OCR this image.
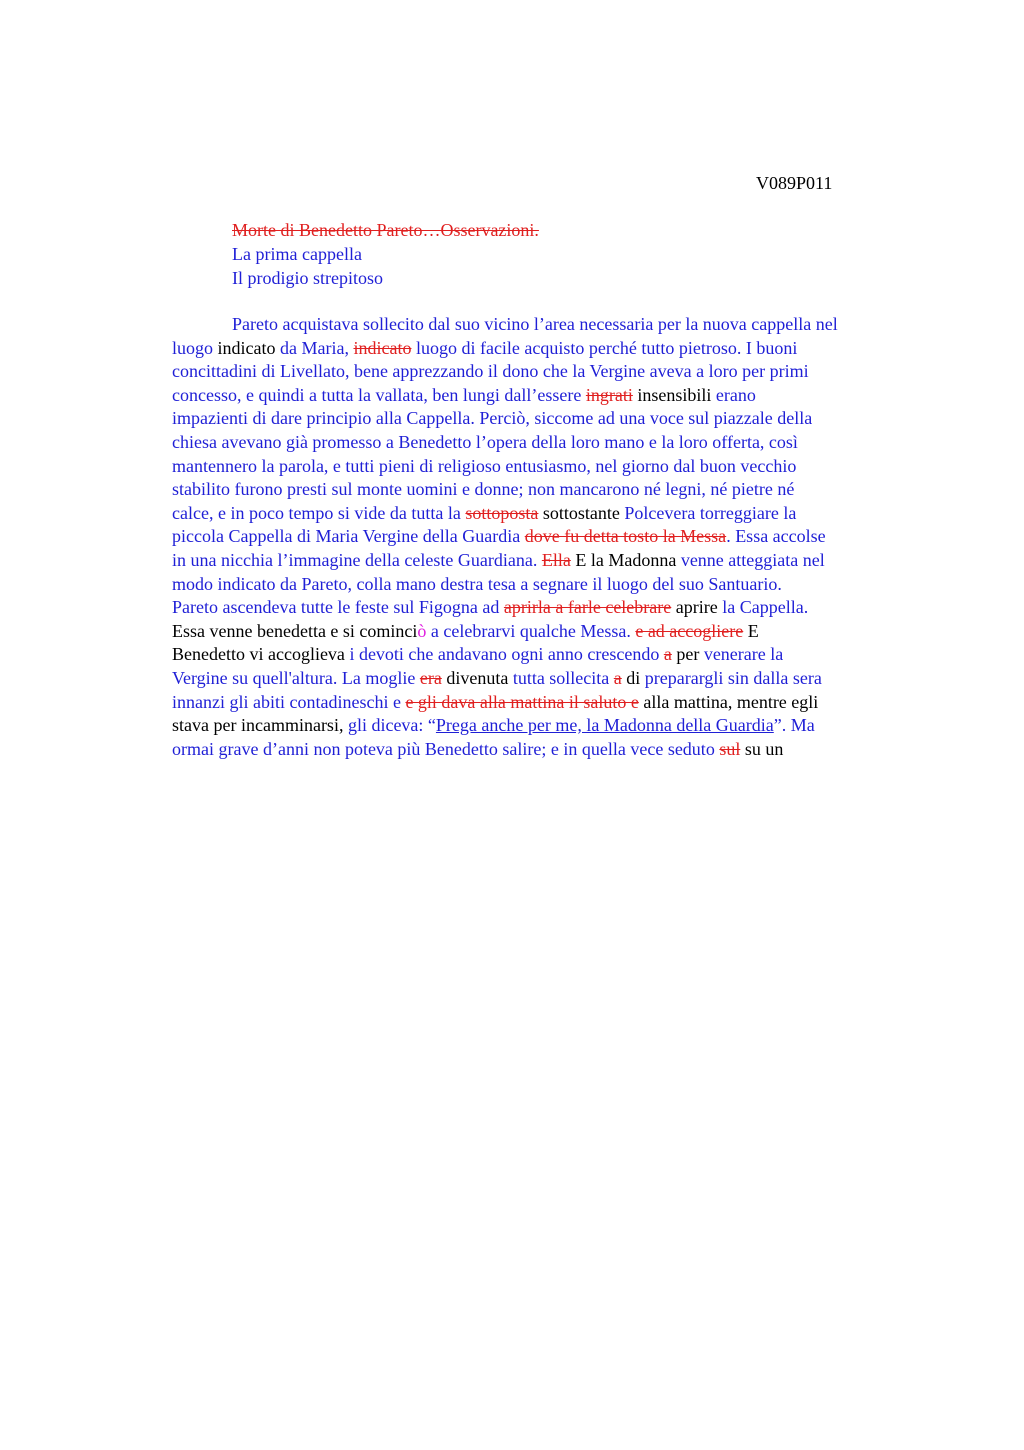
V089P011
Morte di Benedetto Pareto…Osservazioni.
La prima cappella
Il prodigio strepitoso
Pareto acquistava sollecito dal suo vicino l’area necessaria per la nuova cappella nel
luogo indicato da Maria, indicato luogo di facile acquisto perché tutto pietroso. I buoni
concittadini di Livellato, bene apprezzando il dono che la Vergine aveva a loro per primi
concesso, e quindi a tutta la vallata, ben lungi dall’essere ingrati insensibili erano
impazienti di dare principio alla Cappella. Perciò, siccome ad una voce sul piazzale della
chiesa avevano già promesso a Benedetto l’opera della loro mano e la loro offerta, così
mantennero la parola, e tutti pieni di religioso entusiasmo, nel giorno dal buon vecchio
stabilito furono presti sul monte uomini e donne; non mancarono né legni, né pietre né
calce, e in poco tempo si vide da tutta la sottoposta sottostante Polcevera torreggiare la
piccola Cappella di Maria Vergine della Guardia dove fu detta tosto la Messa. Essa accolse
in una nicchia l’immagine della celeste Guardiana. Ella E la Madonna venne atteggiata nel
modo indicato da Pareto, colla mano destra tesa a segnare il luogo del suo Santuario.
Pareto ascendeva tutte le feste sul Figogna ad aprirla a farle celebrare aprire la Cappella.
Essa venne benedetta e si cominciò a celebrarvi qualche Messa. e ad accogliere E
Benedetto vi accoglieva i devoti che andavano ogni anno crescendo a per venerare la
Vergine su quell'altura. La moglie era divenuta tutta sollecita a di preparargli sin dalla sera
innanzi gli abiti contadineschi e e gli dava alla mattina il saluto e alla mattina, mentre egli
stava per incamminarsi, gli diceva: “Prega anche per me, la Madonna della Guardia”. Ma
ormai grave d’anni non poteva più Benedetto salire; e in quella vece seduto sul su un
